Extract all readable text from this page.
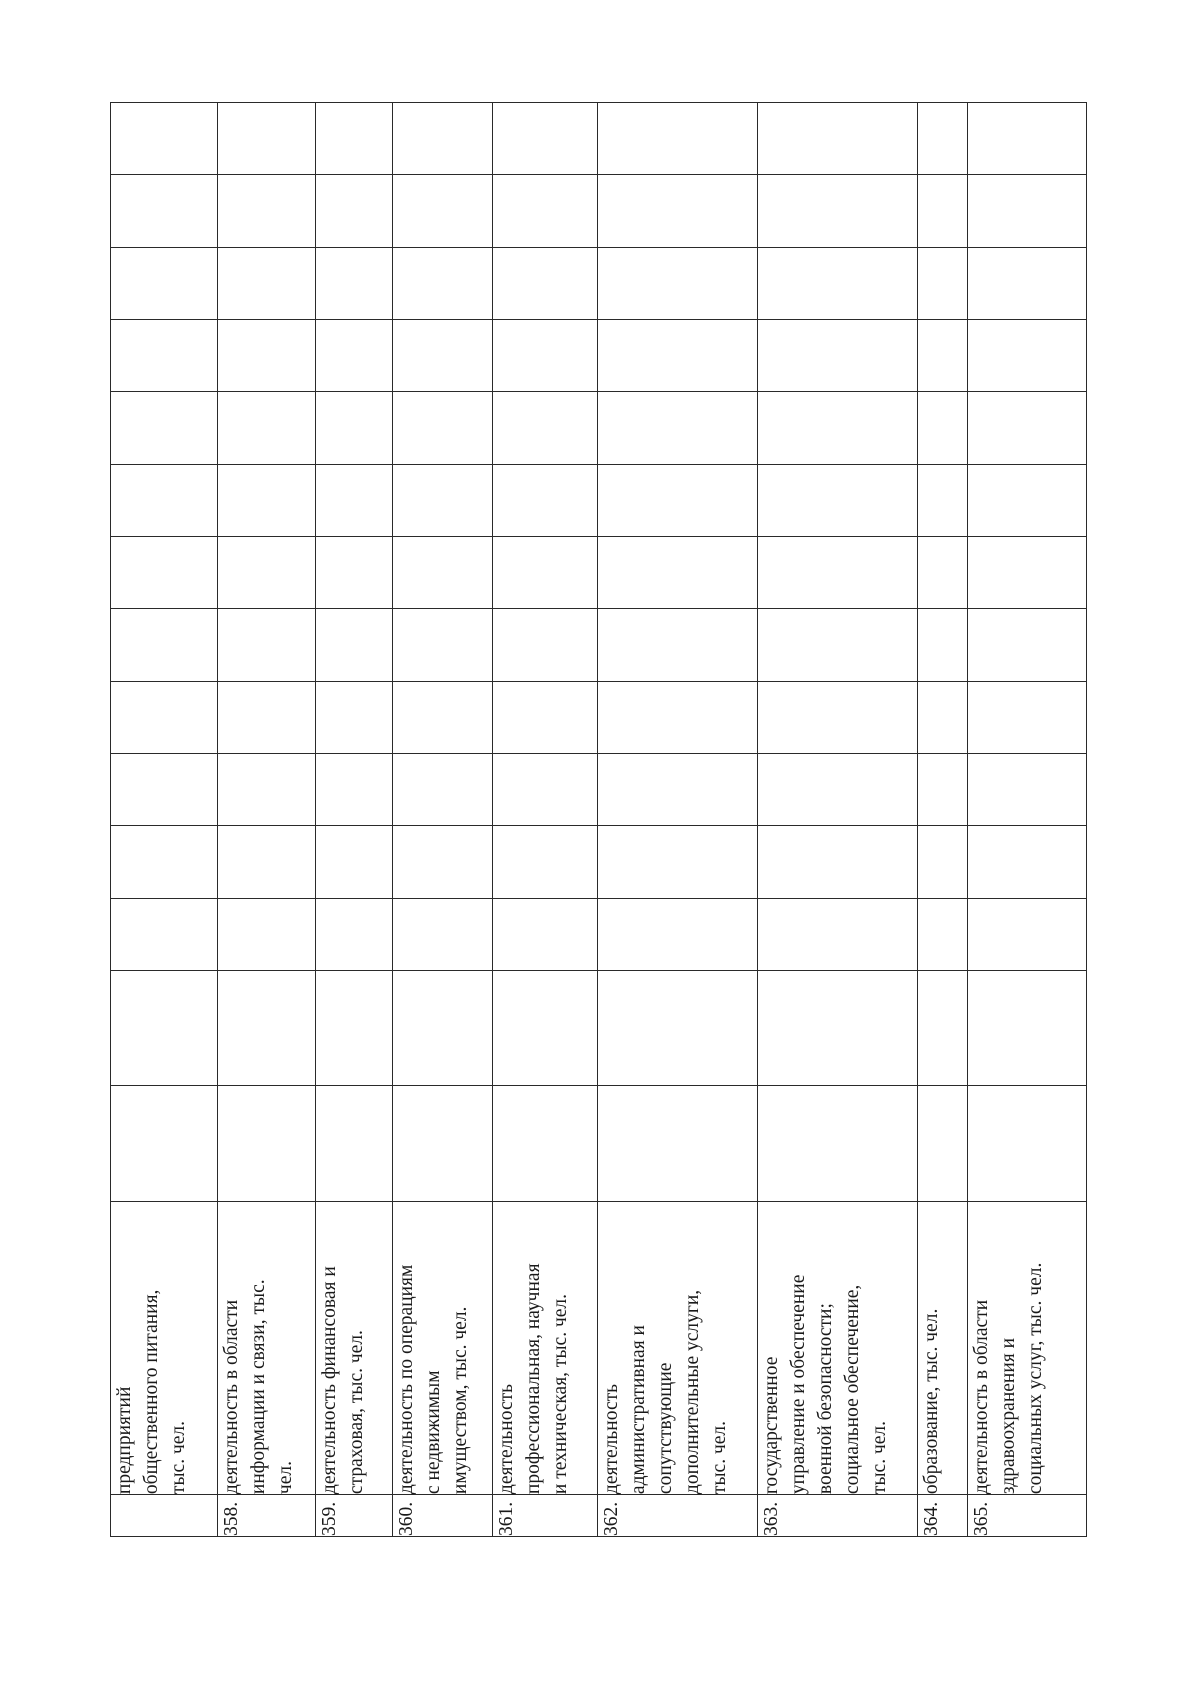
	предприятий
общественного питания,
тыс. чел.														

358.	деятельность в области
информации и связи, тыс.
чел.														

359.	деятельность финансовая и
страховая, тыс. чел.														

360.	деятельность по операциям
с недвижимым
имуществом, тыс. чел.														

361.	деятельность
профессиональная, научная
и техническая, тыс. чел.														

362.	деятельность
административная и
сопутствующие
дополнительные услуги,
тыс. чел.														

363.	государственное
управление и обеспечение
военной безопасности;
социальное обеспечение,
тыс. чел.														

364.	образование, тыс. чел.														

365.	деятельность в области
здравоохранения и
социальных услуг, тыс. чел.														
